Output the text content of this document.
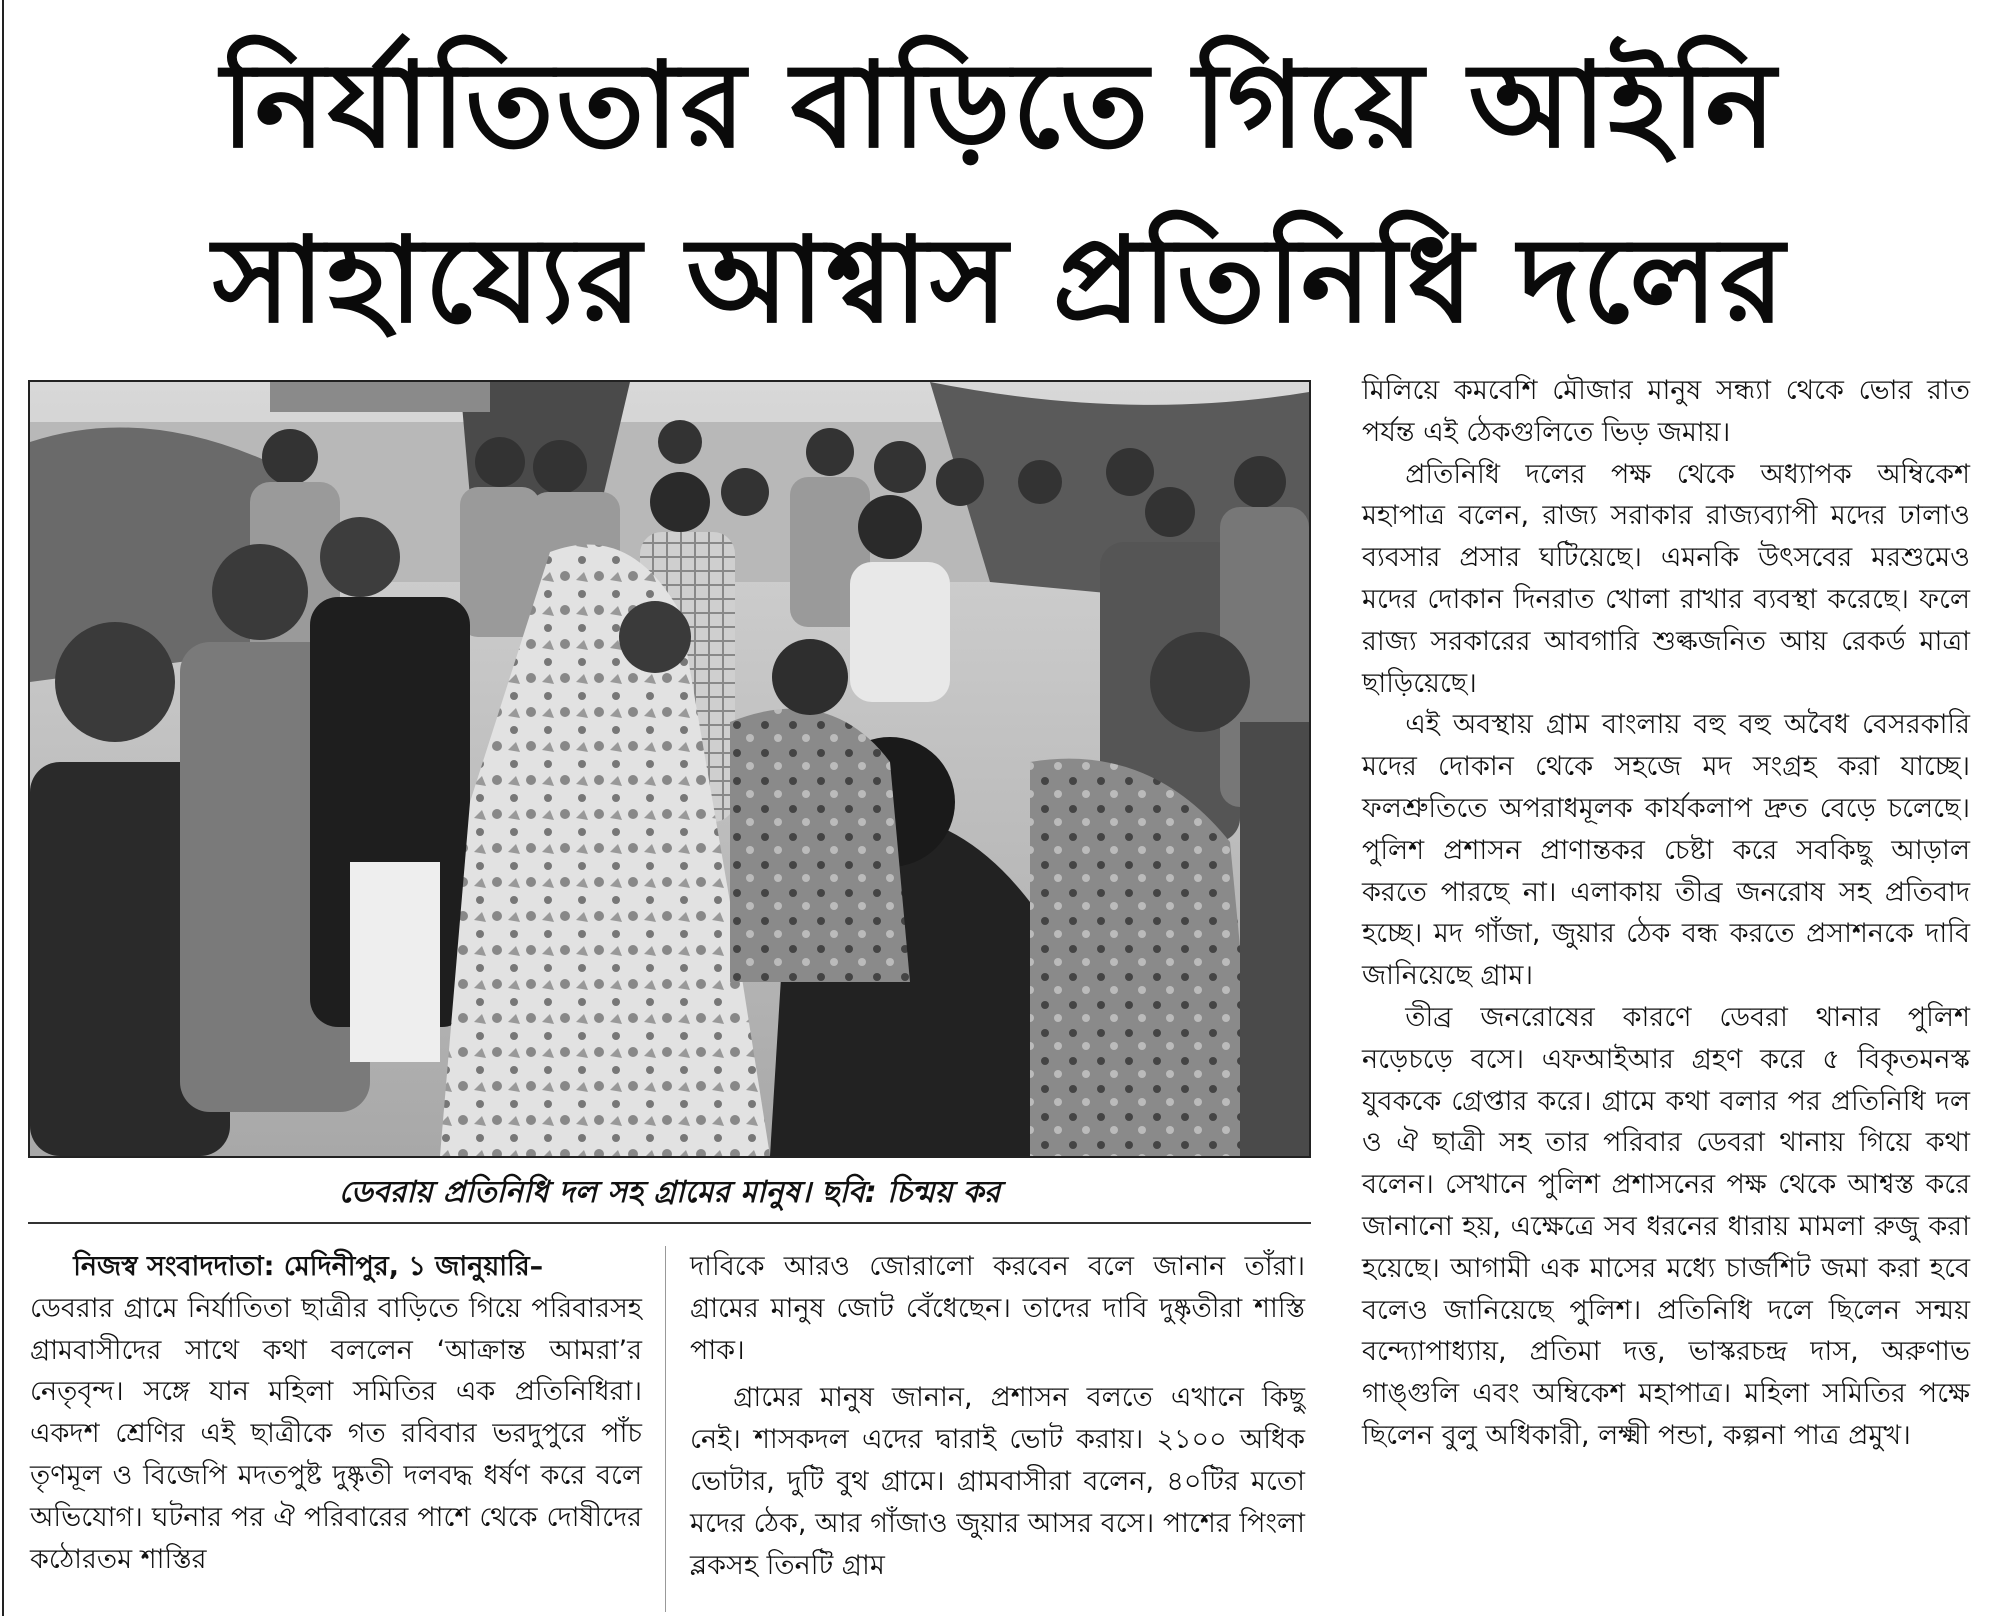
নির্যাতিতার বাড়িতে গিয়ে আইনি
সাহায্যের আশ্বাস প্রতিনিধি দলের
ডেবরায় প্রতিনিধি দল সহ গ্রামের মানুষ। ছবি: চিন্ময় কর

নিজস্ব সংবাদদাতা: মেদিনীপুর, ১ জানুয়ারি–
ডেবরার গ্রামে নির্যাতিতা ছাত্রীর বাড়িতে গিয়ে পরিবারসহ গ্রামবাসীদের সাথে কথা বললেন ‘আক্রান্ত আমরা’র নেতৃবৃন্দ। সঙ্গে যান মহিলা সমিতির এক প্রতিনিধিরা। একদশ শ্রেণির এই ছাত্রীকে গত রবিবার ভরদুপুরে পাঁচ তৃণমূল ও বিজেপি মদতপুষ্ট দুষ্কৃতী দলবদ্ধ ধর্ষণ করে বলে অভিযোগ। ঘটনার পর ঐ পরিবারের পাশে থেকে দোষীদের কঠোরতম শাস্তির

দাবিকে আরও জোরালো করবেন বলে জানান তাঁরা। গ্রামের মানুষ জোট বেঁধেছেন। তাদের দাবি দুষ্কৃতীরা শাস্তি পাক।

গ্রামের মানুষ জানান, প্রশাসন বলতে এখানে কিছু নেই। শাসকদল এদের দ্বারাই ভোট করায়। ২১০০ অধিক ভোটার, দুটি বুথ গ্রামে। গ্রামবাসীরা বলেন, ৪০টির মতো মদের ঠেক, আর গাঁজাও জুয়ার আসর বসে। পাশের পিংলা ব্লকসহ তিনটি গ্রাম

মিলিয়ে কমবেশি মৌজার মানুষ সন্ধ্যা থেকে ভোর রাত পর্যন্ত এই ঠেকগুলিতে ভিড় জমায়।

প্রতিনিধি দলের পক্ষ থেকে অধ্যাপক অম্বিকেশ মহাপাত্র বলেন, রাজ্য সরাকার রাজ্যব্যাপী মদের ঢালাও ব্যবসার প্রসার ঘটিয়েছে। এমনকি উৎসবের মরশুমেও মদের দোকান দিনরাত খোলা রাখার ব্যবস্থা করেছে। ফলে রাজ্য সরকারের আবগারি শুল্কজনিত আয় রেকর্ড মাত্রা ছাড়িয়েছে।

এই অবস্থায় গ্রাম বাংলায় বহু বহু অবৈধ বেসরকারি মদের দোকান থেকে সহজে মদ সংগ্রহ করা যাচ্ছে। ফলশ্রুতিতে অপরাধমূলক কার্যকলাপ দ্রুত বেড়ে চলেছে। পুলিশ প্রশাসন প্রাণান্তকর চেষ্টা করে সবকিছু আড়াল করতে পারছে না। এলাকায় তীব্র জনরোষ সহ প্রতিবাদ হচ্ছে। মদ গাঁজা, জুয়ার ঠেক বন্ধ করতে প্রসাশনকে দাবি জানিয়েছে গ্রাম।

তীব্র জনরোষের কারণে ডেবরা থানার পুলিশ নড়েচড়ে বসে। এফআইআর গ্রহণ করে ৫ বিকৃতমনস্ক যুবককে গ্রেপ্তার করে। গ্রামে কথা বলার পর প্রতিনিধি দল ও ঐ ছাত্রী সহ তার পরিবার ডেবরা থানায় গিয়ে কথা বলেন। সেখানে পুলিশ প্রশাসনের পক্ষ থেকে আশ্বস্ত করে জানানো হয়, এক্ষেত্রে সব ধরনের ধারায় মামলা রুজু করা হয়েছে। আগামী এক মাসের মধ্যে চার্জশিট জমা করা হবে বলেও জানিয়েছে পুলিশ। প্রতিনিধি দলে ছিলেন সন্ময় বন্দ্যোপাধ্যায়, প্রতিমা দত্ত, ভাস্করচন্দ্র দাস, অরুণাভ গাঙ্গুলি এবং অম্বিকেশ মহাপাত্র। মহিলা সমিতির পক্ষে ছিলেন বুলু অধিকারী, লক্ষ্মী পন্ডা, কল্পনা পাত্র প্রমুখ।
